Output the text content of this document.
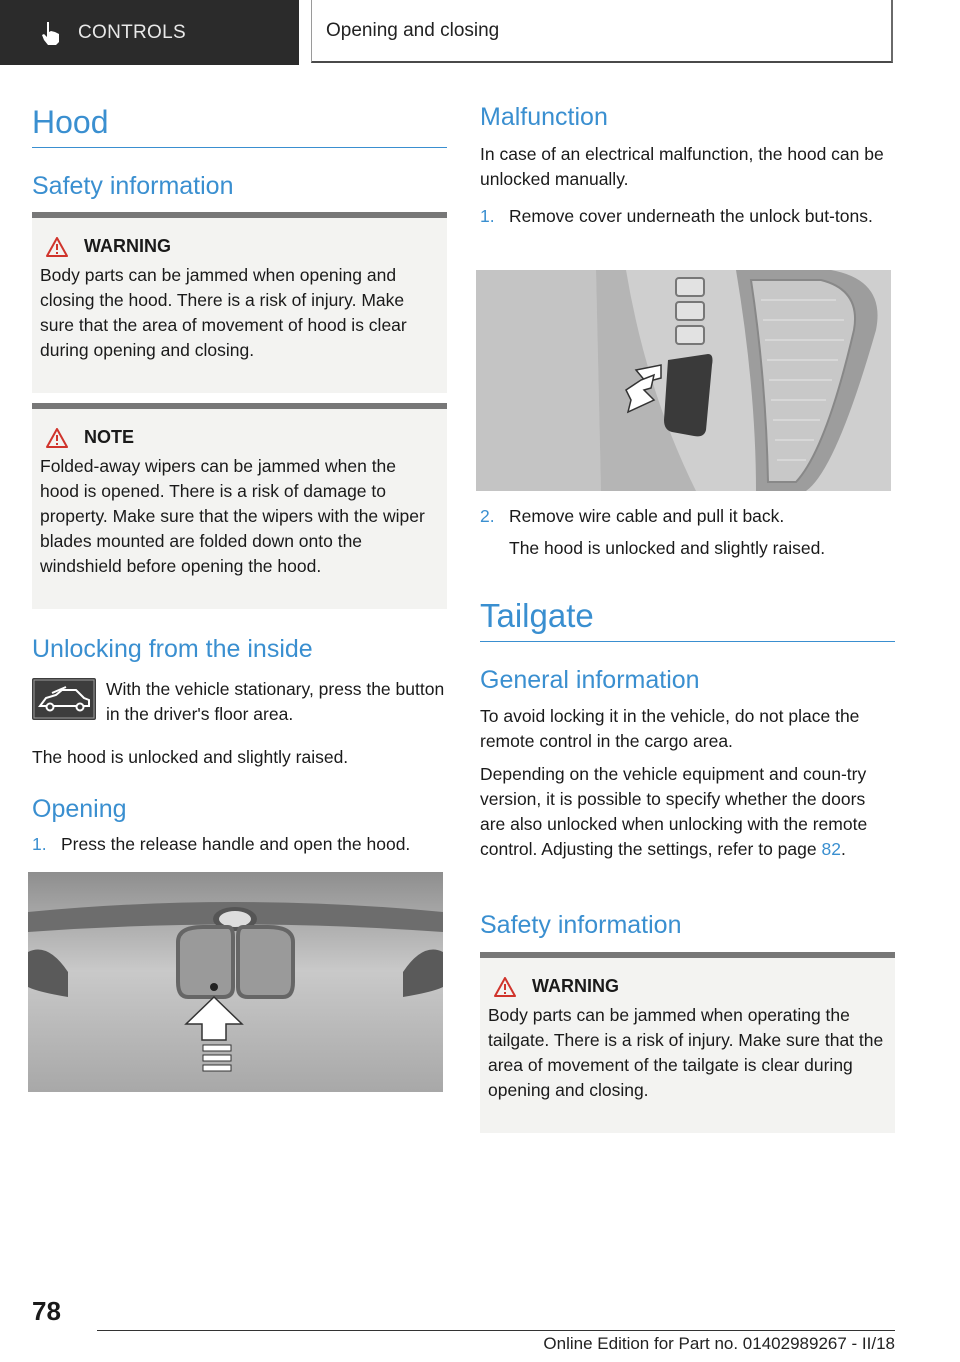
CONTROLS	Opening and closing
Hood
Safety information
WARNING
Body parts can be jammed when opening and closing the hood. There is a risk of injury. Make sure that the area of movement of hood is clear during opening and closing.
NOTE
Folded-away wipers can be jammed when the hood is opened. There is a risk of damage to property. Make sure that the wipers with the wiper blades mounted are folded down onto the windshield before opening the hood.
Unlocking from the inside
With the vehicle stationary, press the button in the driver's floor area.
The hood is unlocked and slightly raised.
Opening
1. Press the release handle and open the hood.
Malfunction
In case of an electrical malfunction, the hood can be unlocked manually.
1. Remove cover underneath the unlock but-tons.
2. Remove wire cable and pull it back.
The hood is unlocked and slightly raised.
Tailgate
General information
To avoid locking it in the vehicle, do not place the remote control in the cargo area.
Depending on the vehicle equipment and coun-try version, it is possible to specify whether the doors are also unlocked when unlocking with the remote control. Adjusting the settings, refer to page 82.
Safety information
WARNING
Body parts can be jammed when operating the tailgate. There is a risk of injury. Make sure that the area of movement of the tailgate is clear during opening and closing.
78
Online Edition for Part no. 01402989267 - II/18
